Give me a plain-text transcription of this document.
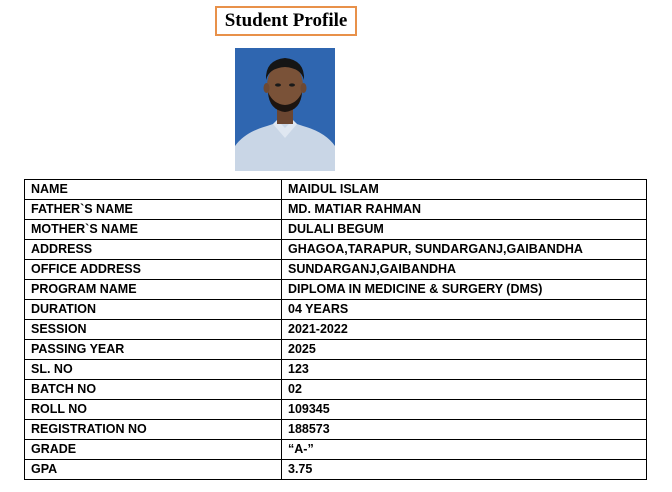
Student Profile
NAME	MAIDUL ISLAM
FATHER`S NAME	MD. MATIAR RAHMAN
MOTHER`S NAME	DULALI BEGUM
ADDRESS	GHAGOA,TARAPUR, SUNDARGANJ,GAIBANDHA
OFFICE ADDRESS	SUNDARGANJ,GAIBANDHA
PROGRAM NAME	DIPLOMA IN MEDICINE & SURGERY (DMS)
DURATION	04 YEARS
SESSION	2021-2022
PASSING YEAR	2025
SL. NO	123
BATCH NO	02
ROLL NO	109345
REGISTRATION NO	188573
GRADE	“A-”
GPA	3.75
